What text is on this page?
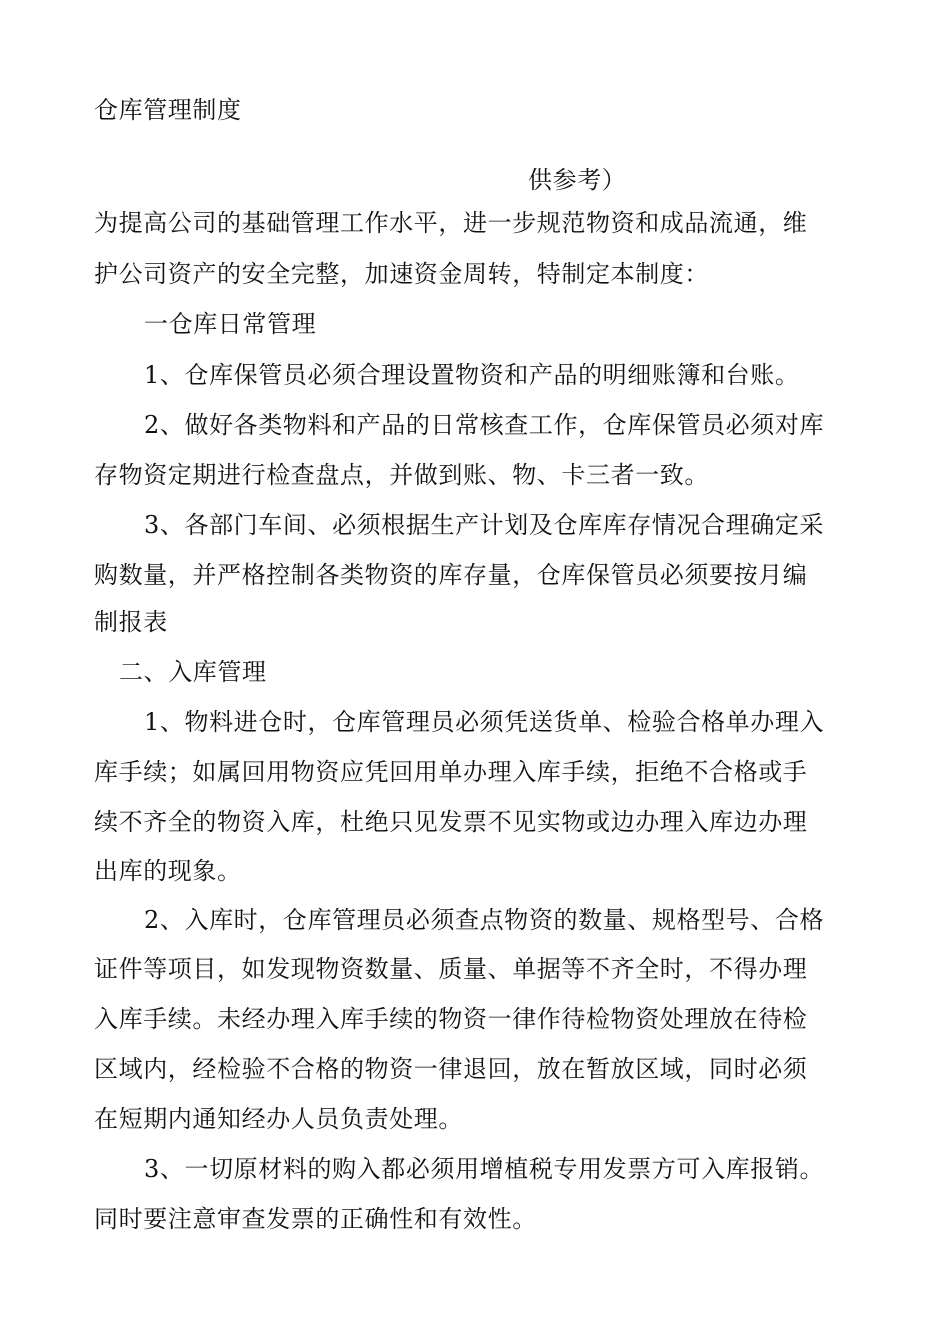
仓库管理制度
供参考）
为提高公司的基础管理工作水平，进一步规范物资和成品流通，维
护公司资产的安全完整，加速资金周转，特制定本制度：
一仓库日常管理
1、仓库保管员必须合理设置物资和产品的明细账簿和台账。
2、做好各类物料和产品的日常核查工作，仓库保管员必须对库
存物资定期进行检查盘点，并做到账、物、卡三者一致。
3、各部门车间、必须根据生产计划及仓库库存情况合理确定采
购数量，并严格控制各类物资的库存量，仓库保管员必须要按月编
制报表
二、入库管理
1、物料进仓时，仓库管理员必须凭送货单、检验合格单办理入
库手续；如属回用物资应凭回用单办理入库手续，拒绝不合格或手
续不齐全的物资入库，杜绝只见发票不见实物或边办理入库边办理
出库的现象。
2、入库时，仓库管理员必须查点物资的数量、规格型号、合格
证件等项目，如发现物资数量、质量、单据等不齐全时，不得办理
入库手续。未经办理入库手续的物资一律作待检物资处理放在待检
区域内，经检验不合格的物资一律退回，放在暂放区域，同时必须
在短期内通知经办人员负责处理。
3、一切原材料的购入都必须用增植税专用发票方可入库报销。
同时要注意审查发票的正确性和有效性。
